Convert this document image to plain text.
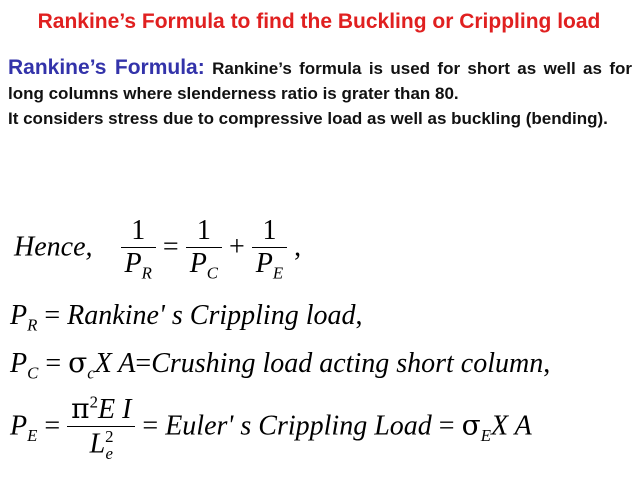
Rankine’s Formula to find the Buckling or Crippling load
Rankine’s Formula: Rankine’s formula is used for short as well as for long columns where slenderness ratio is grater than 80.
It considers stress due to compressive load as well as buckling (bending).
Hence, $\frac{1}{P_R} = \frac{1}{P_C} + \frac{1}{P_E}$ ,
$P_R$ = Rankine' s Crippling load,
$P_C = \sigma_cX$ A=Crushing load acting short column,
$P_E = \frac{\pi^2E I}{L^2_e}$ = Euler' s Crippling Load = $\sigma_EX$ A
